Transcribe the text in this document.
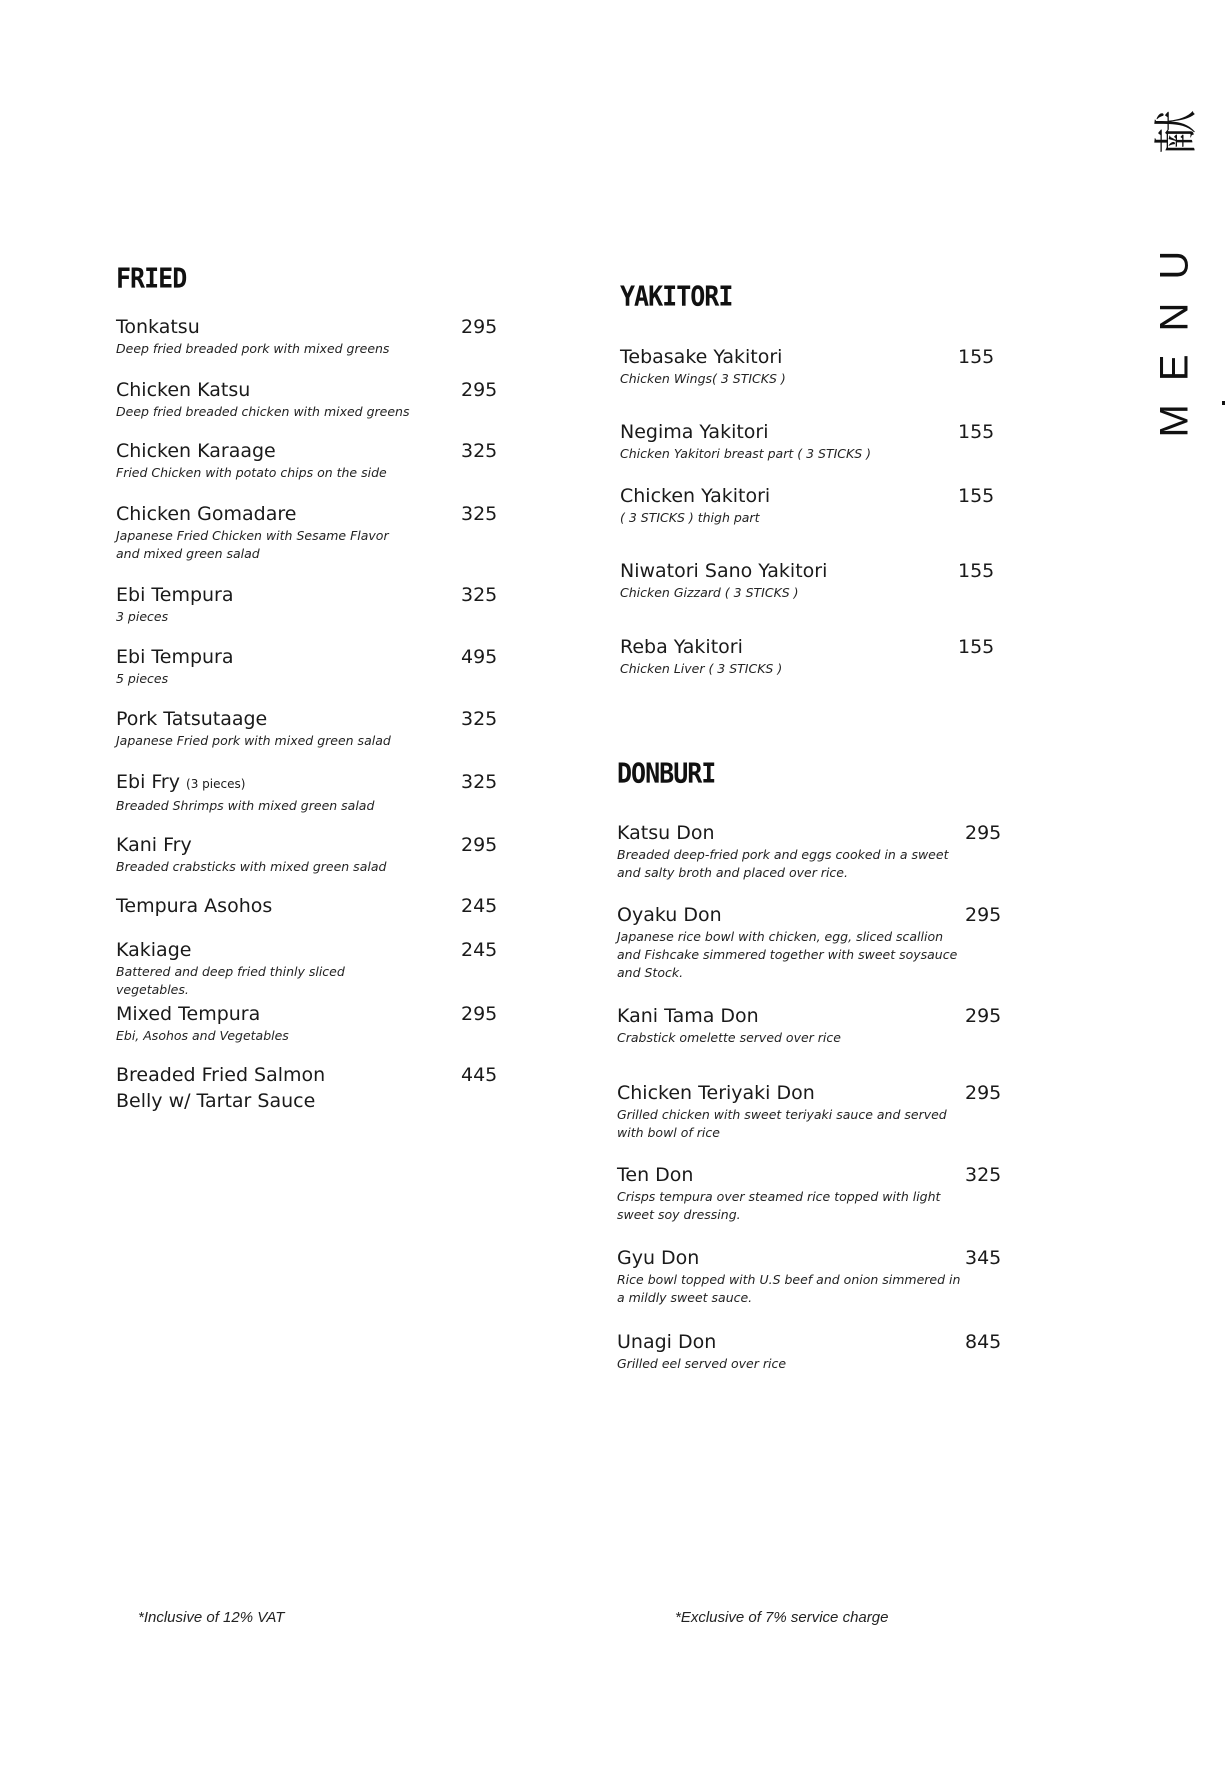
献
MENU
FRIED
YAKITORI
DONBURI
Tonkatsu
Deep fried breaded pork with mixed greens
295
Chicken Katsu
Deep fried breaded chicken with mixed greens
295
Chicken Karaage
Fried Chicken with potato chips on the side
325
Chicken Gomadare
Japanese Fried Chicken with Sesame Flavor and mixed green salad
325
Ebi Tempura
3 pieces
325
Ebi Tempura
5 pieces
495
Pork Tatsutaage
Japanese Fried pork with mixed green salad
325
Ebi Fry (3 pieces)
Breaded Shrimps with mixed green salad
325
Kani Fry
Breaded crabsticks with mixed green salad
295
Tempura Asohos	245
Kakiage
Battered and deep fried thinly sliced vegetables.
245
Mixed Tempura
Ebi, Asohos and Vegetables
295
Breaded Fried Salmon Belly w/ Tartar Sauce
445
Tebasake Yakitori
Chicken Wings( 3 STICKS )
155
Negima Yakitori
Chicken Yakitori breast part ( 3 STICKS )
155
Chicken Yakitori
( 3 STICKS ) thigh part
155
Niwatori Sano Yakitori
Chicken Gizzard ( 3 STICKS )
155
Reba Yakitori
Chicken Liver ( 3 STICKS )
155
Katsu Don
Breaded deep-fried pork and eggs cooked in a sweet and salty broth and placed over rice.
295
Oyaku Don
Japanese rice bowl with chicken, egg, sliced scallion and Fishcake simmered together with sweet soysauce and Stock.
295
Kani Tama Don
Crabstick omelette served over rice
295
Chicken Teriyaki Don
Grilled chicken with sweet teriyaki sauce and served with bowl of rice
295
Ten Don
Crisps tempura over steamed rice topped with light sweet soy dressing.
325
Gyu Don
Rice bowl topped with U.S beef and onion simmered in a mildly sweet sauce.
345
Unagi Don
Grilled eel served over rice
845
*Inclusive of 12% VAT	*Exclusive of 7% service charge
